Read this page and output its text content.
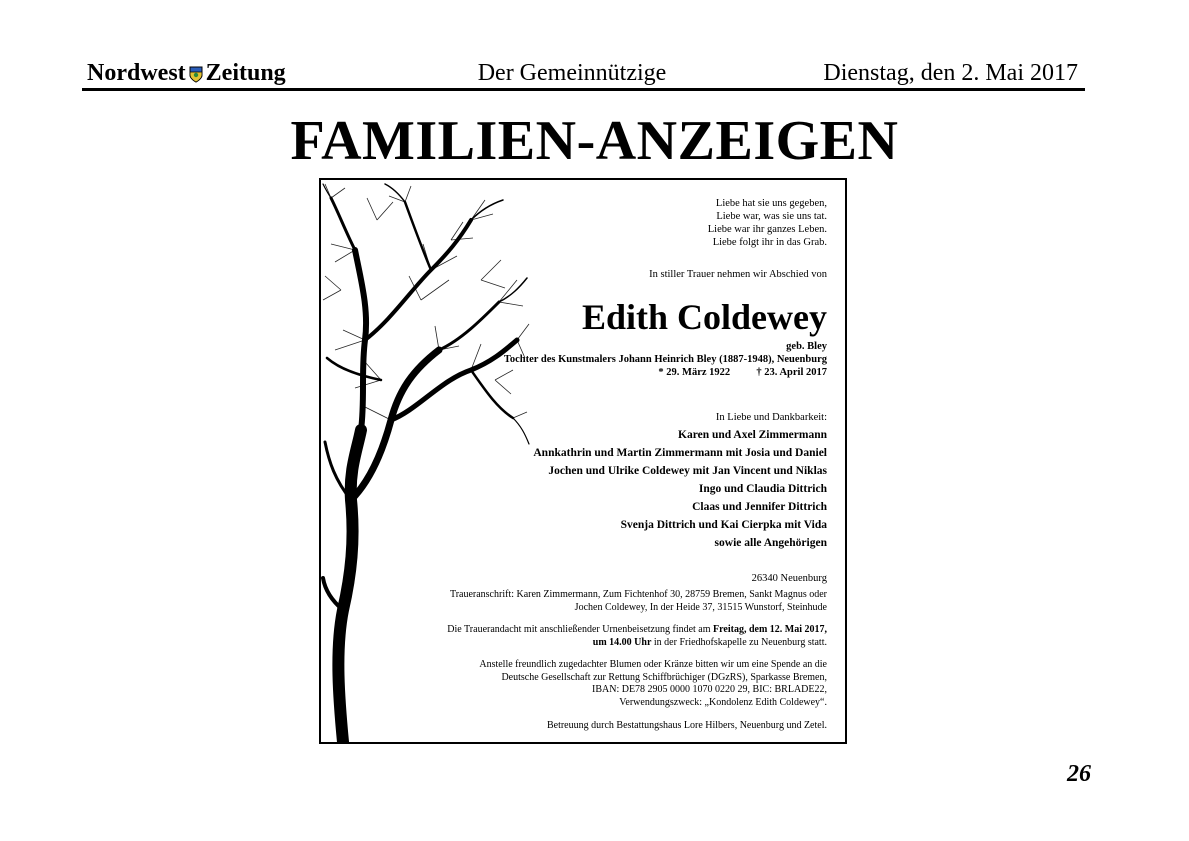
Nordwest Zeitung	Der Gemeinnützige	Dienstag, den 2. Mai 2017
FAMILIEN-ANZEIGEN
Liebe hat sie uns gegeben,
Liebe war, was sie uns tat.
Liebe war ihr ganzes Leben.
Liebe folgt ihr in das Grab.
In stiller Trauer nehmen wir Abschied von
Edith Coldewey
geb. Bley
Tochter des Kunstmalers Johann Heinrich Bley (1887-1948), Neuenburg
* 29. März 1922          † 23. April 2017
In Liebe und Dankbarkeit:
Karen und Axel Zimmermann
Annkathrin und Martin Zimmermann mit Josia und Daniel
Jochen und Ulrike Coldewey mit Jan Vincent und Niklas
Ingo und Claudia Dittrich
Claas und Jennifer Dittrich
Svenja Dittrich und Kai Cierpka mit Vida
sowie alle Angehörigen
26340 Neuenburg
Traueranschrift: Karen Zimmermann, Zum Fichtenhof 30, 28759 Bremen, Sankt Magnus oder
Jochen Coldewey, In der Heide 37, 31515 Wunstorf, Steinhude
Die Trauerandacht mit anschließender Urnenbeisetzung findet am Freitag, dem 12. Mai 2017,
um 14.00 Uhr in der Friedhofskapelle zu Neuenburg statt.
Anstelle freundlich zugedachter Blumen oder Kränze bitten wir um eine Spende an die
Deutsche Gesellschaft zur Rettung Schiffbrüchiger (DGzRS), Sparkasse Bremen,
IBAN: DE78 2905 0000 1070 0220 29, BIC: BRLADE22,
Verwendungszweck: „Kondolenz Edith Coldewey“.
Betreuung durch Bestattungshaus Lore Hilbers, Neuenburg und Zetel.
26
